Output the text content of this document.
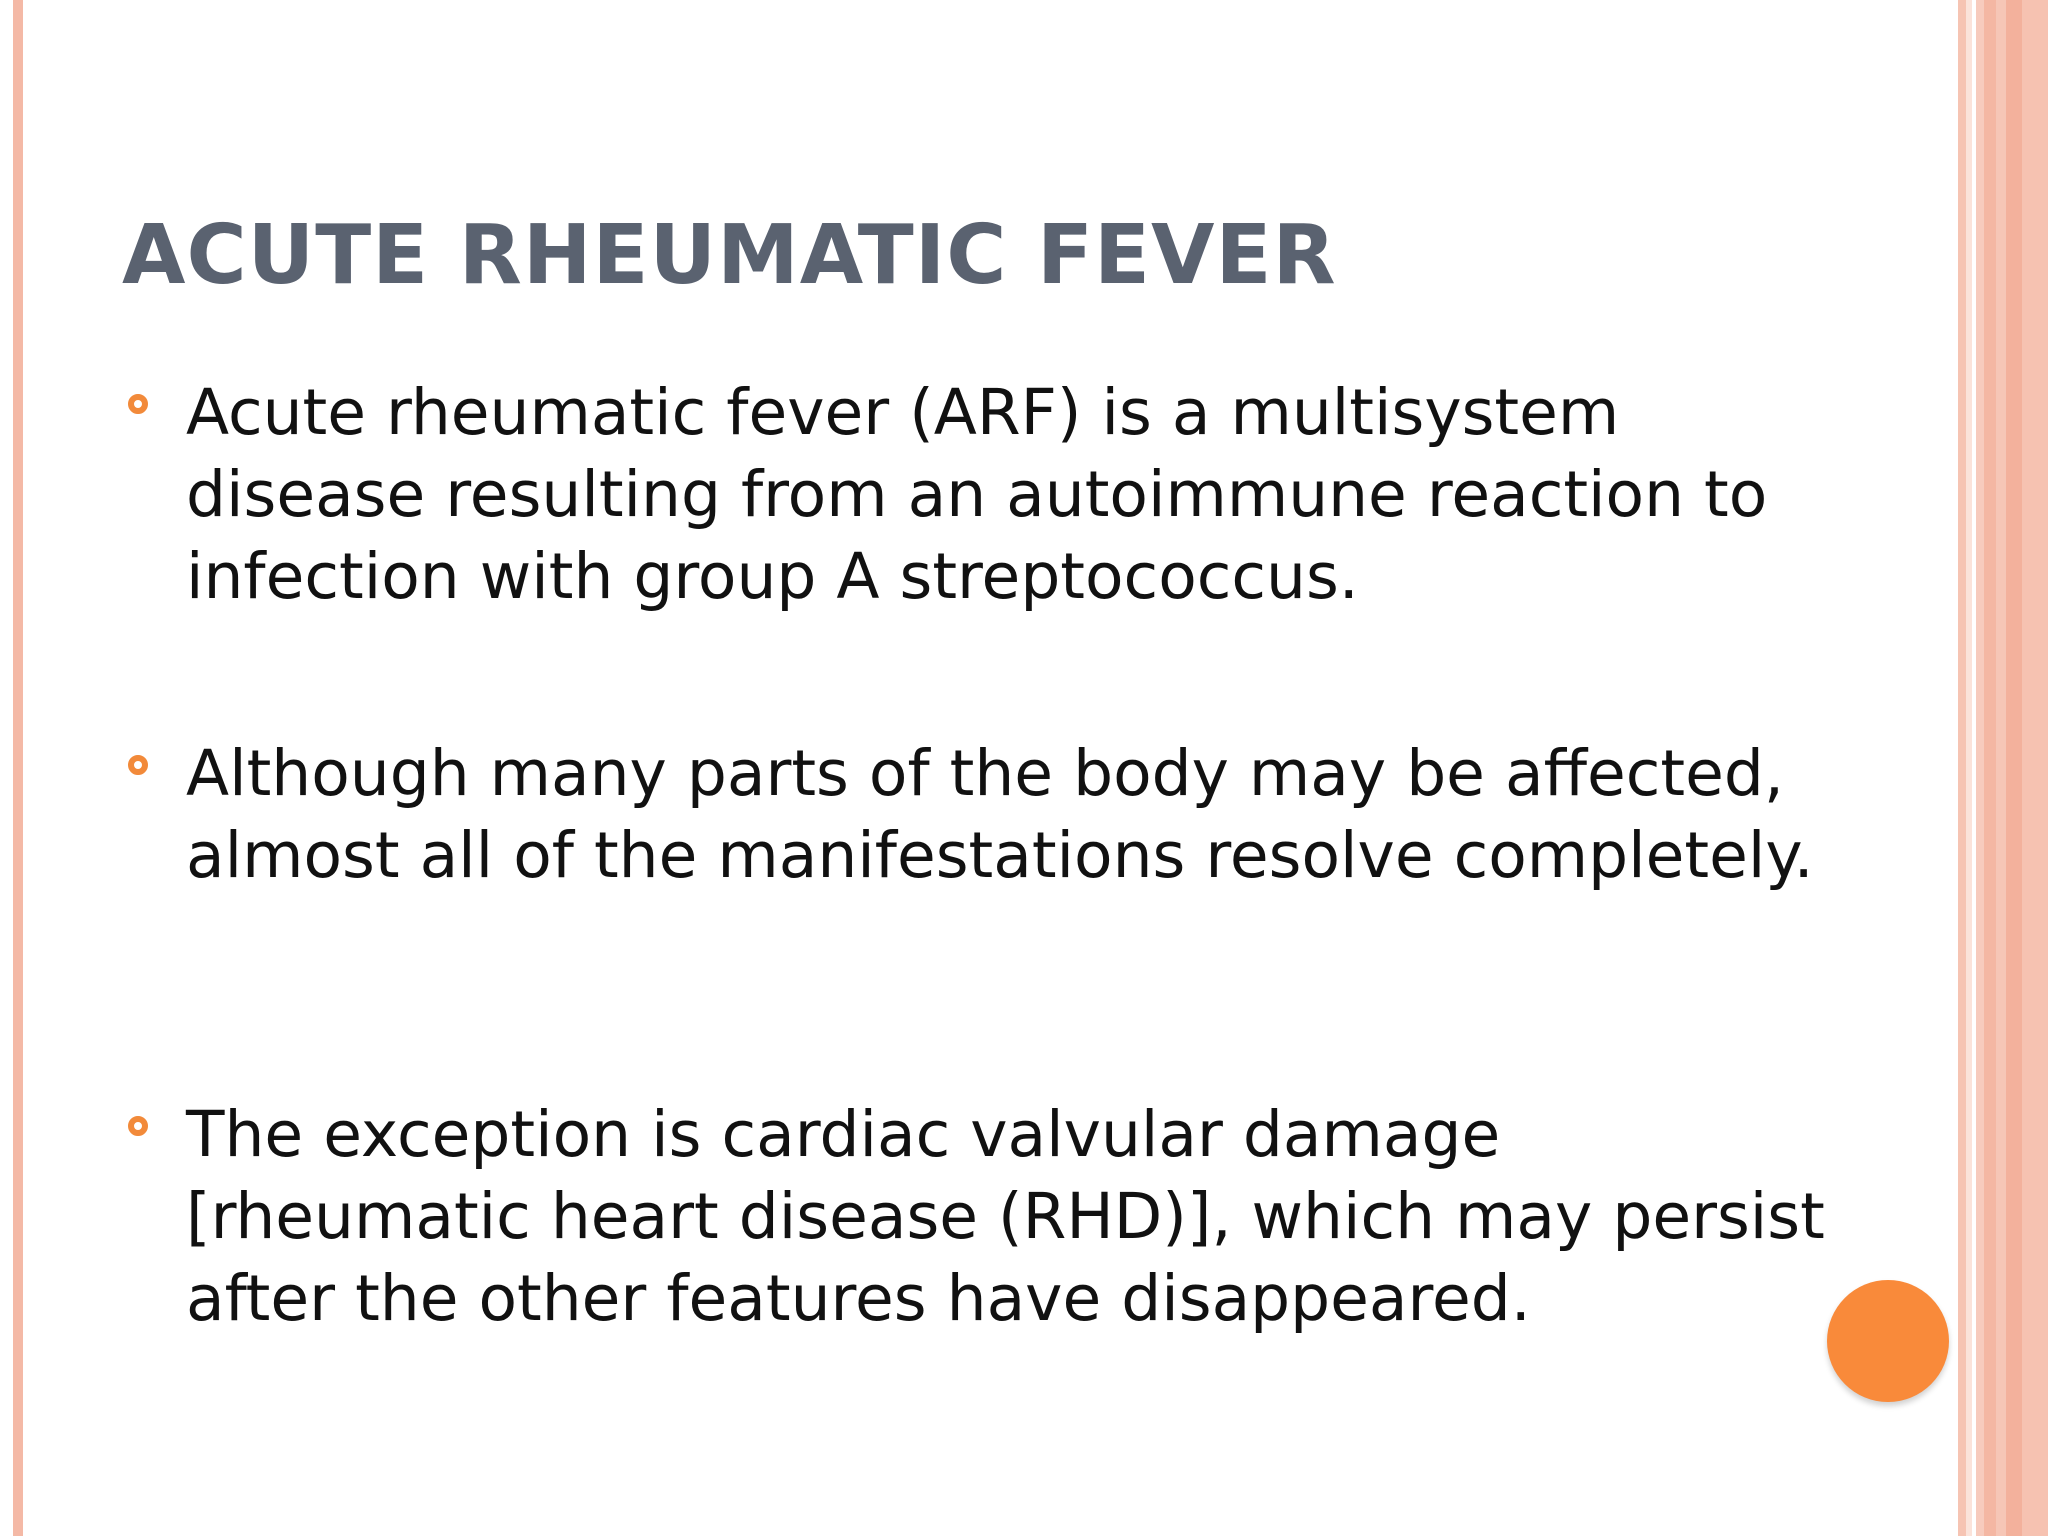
ACUTE RHEUMATIC FEVER
Acute rheumatic fever (ARF) is a multisystem disease resulting from an autoimmune reaction to infection with group A streptococcus.
Although many parts of the body may be affected, almost all of the manifestations resolve completely.
The exception is cardiac valvular damage [rheumatic heart disease (RHD)], which may persist after the other features have disappeared.
